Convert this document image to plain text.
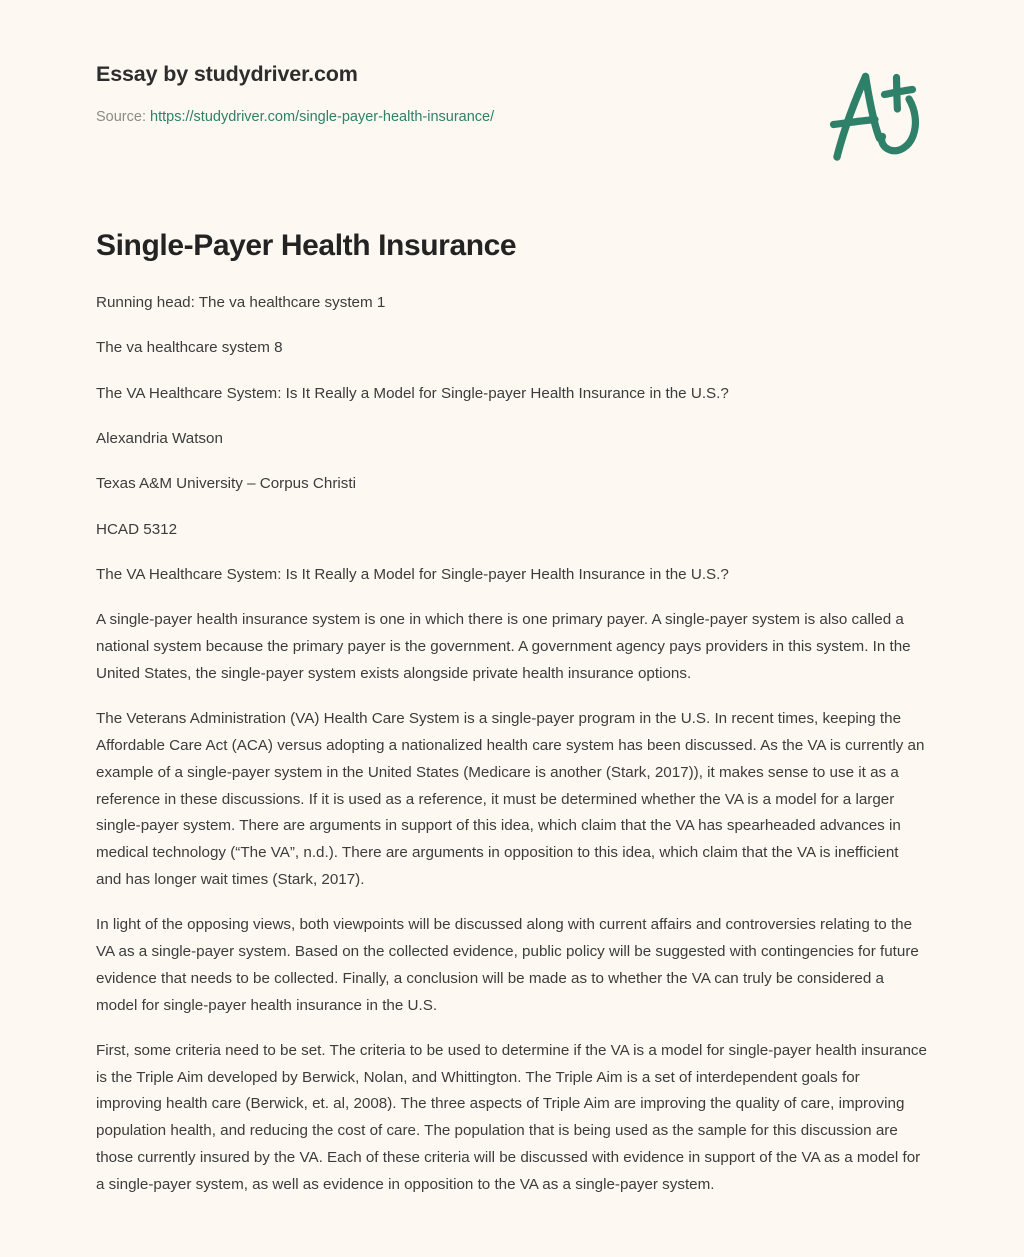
Essay by studydriver.com
Source: https://studydriver.com/single-payer-health-insurance/
Single-Payer Health Insurance

Running head: The va healthcare system 1

The va healthcare system 8

The VA Healthcare System: Is It Really a Model for Single-payer Health Insurance in the U.S.?

Alexandria Watson

Texas A&M University – Corpus Christi

HCAD 5312

The VA Healthcare System: Is It Really a Model for Single-payer Health Insurance in the U.S.?

A single-payer health insurance system is one in which there is one primary payer. A single-payer system is also called a national system because the primary payer is the government. A government agency pays providers in this system. In the United States, the single-payer system exists alongside private health insurance options.

The Veterans Administration (VA) Health Care System is a single-payer program in the U.S. In recent times, keeping the Affordable Care Act (ACA) versus adopting a nationalized health care system has been discussed. As the VA is currently an example of a single-payer system in the United States (Medicare is another (Stark, 2017)), it makes sense to use it as a reference in these discussions. If it is used as a reference, it must be determined whether the VA is a model for a larger single-payer system. There are arguments in support of this idea, which claim that the VA has spearheaded advances in medical technology (“The VA”, n.d.). There are arguments in opposition to this idea, which claim that the VA is inefficient and has longer wait times (Stark, 2017).

In light of the opposing views, both viewpoints will be discussed along with current affairs and controversies relating to the VA as a single-payer system. Based on the collected evidence, public policy will be suggested with contingencies for future evidence that needs to be collected. Finally, a conclusion will be made as to whether the VA can truly be considered a model for single-payer health insurance in the U.S.

First, some criteria need to be set. The criteria to be used to determine if the VA is a model for single-payer health insurance is the Triple Aim developed by Berwick, Nolan, and Whittington. The Triple Aim is a set of interdependent goals for improving health care (Berwick, et. al, 2008). The three aspects of Triple Aim are improving the quality of care, improving population health, and reducing the cost of care. The population that is being used as the sample for this discussion are those currently insured by the VA. Each of these criteria will be discussed with evidence in support of the VA as a model for a single-payer system, as well as evidence in opposition to the VA as a single-payer system.
